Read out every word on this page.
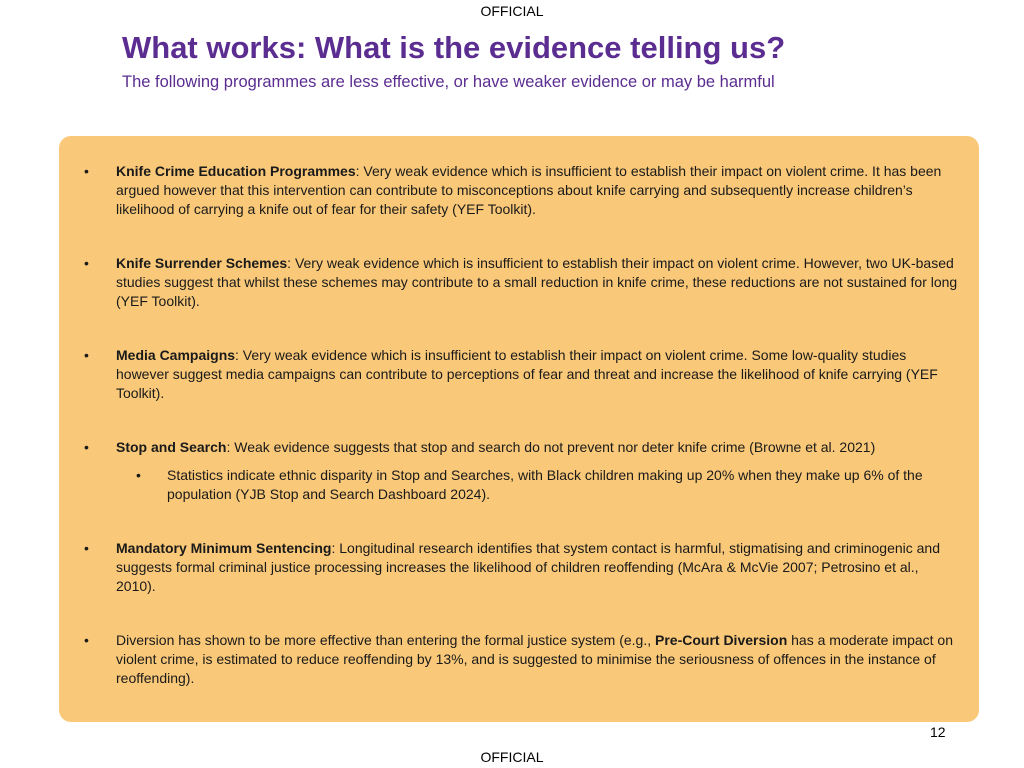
OFFICIAL
What works: What is the evidence telling us?

The following programmes are less effective, or have weaker evidence or may be harmful

• Knife Crime Education Programmes: Very weak evidence which is insufficient to establish their impact on violent crime. It has been argued however that this intervention can contribute to misconceptions about knife carrying and subsequently increase children’s likelihood of carrying a knife out of fear for their safety (YEF Toolkit).
• Knife Surrender Schemes: Very weak evidence which is insufficient to establish their impact on violent crime. However, two UK-based studies suggest that whilst these schemes may contribute to a small reduction in knife crime, these reductions are not sustained for long (YEF Toolkit).
• Media Campaigns: Very weak evidence which is insufficient to establish their impact on violent crime. Some low-quality studies however suggest media campaigns can contribute to perceptions of fear and threat and increase the likelihood of knife carrying (YEF Toolkit).
• Stop and Search: Weak evidence suggests that stop and search do not prevent nor deter knife crime (Browne et al. 2021)
• Statistics indicate ethnic disparity in Stop and Searches, with Black children making up 20% when they make up 6% of the population (YJB Stop and Search Dashboard 2024).
• Mandatory Minimum Sentencing: Longitudinal research identifies that system contact is harmful, stigmatising and criminogenic and suggests formal criminal justice processing increases the likelihood of children reoffending (McAra & McVie 2007; Petrosino et al., 2010).
• Diversion has shown to be more effective than entering the formal justice system (e.g., Pre-Court Diversion has a moderate impact on violent crime, is estimated to reduce reoffending by 13%, and is suggested to minimise the seriousness of offences in the instance of reoffending).
12
OFFICIAL
